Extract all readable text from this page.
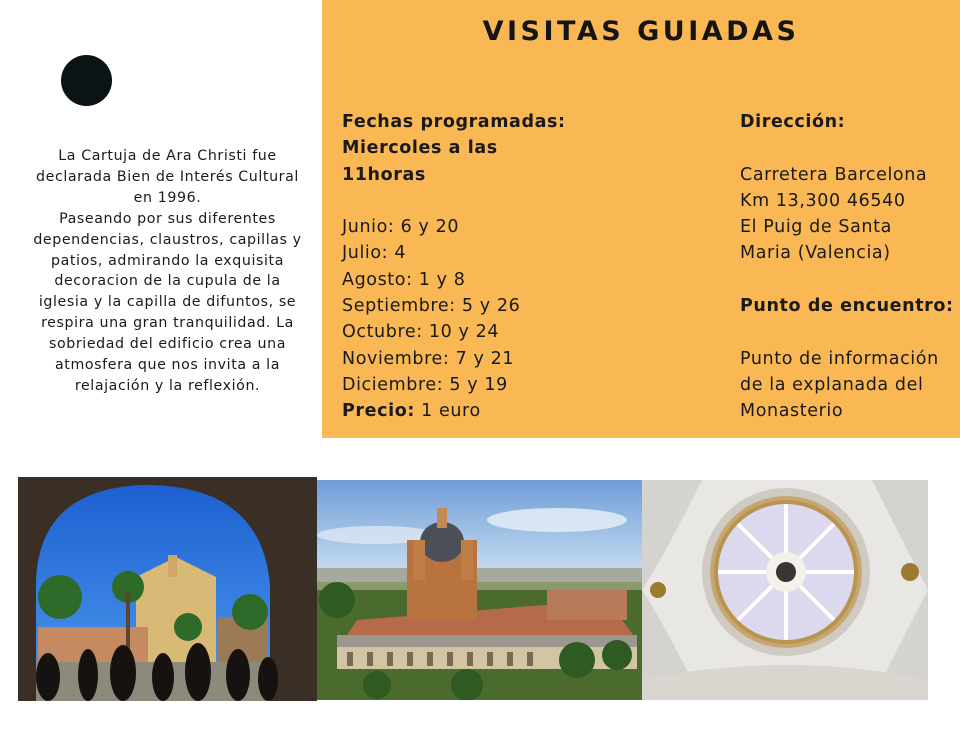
La Cartuja de Ara Christi fue declarada Bien de Interés Cultural en 1996.

Paseando por sus diferentes dependencias, claustros, capillas y patios, admirando la exquisita decoracion de la cupula de la iglesia y la capilla de difuntos, se respira una gran tranquilidad. La sobriedad del edificio crea una atmosfera que nos invita a la relajación y la reflexión.

VISITAS GUIADAS
Fechas programadas:
Miercoles a las
11horas
Junio: 6 y 20
Julio: 4
Agosto: 1 y 8
Septiembre: 5 y 26
Octubre: 10 y 24
Noviembre: 7 y 21
Diciembre: 5 y 19
Precio: 1 euro
Dirección:
Carretera Barcelona
Km 13,300 46540
El Puig de Santa
Maria (Valencia)
Punto de encuentro:
Punto de información
de la explanada del
Monasterio
